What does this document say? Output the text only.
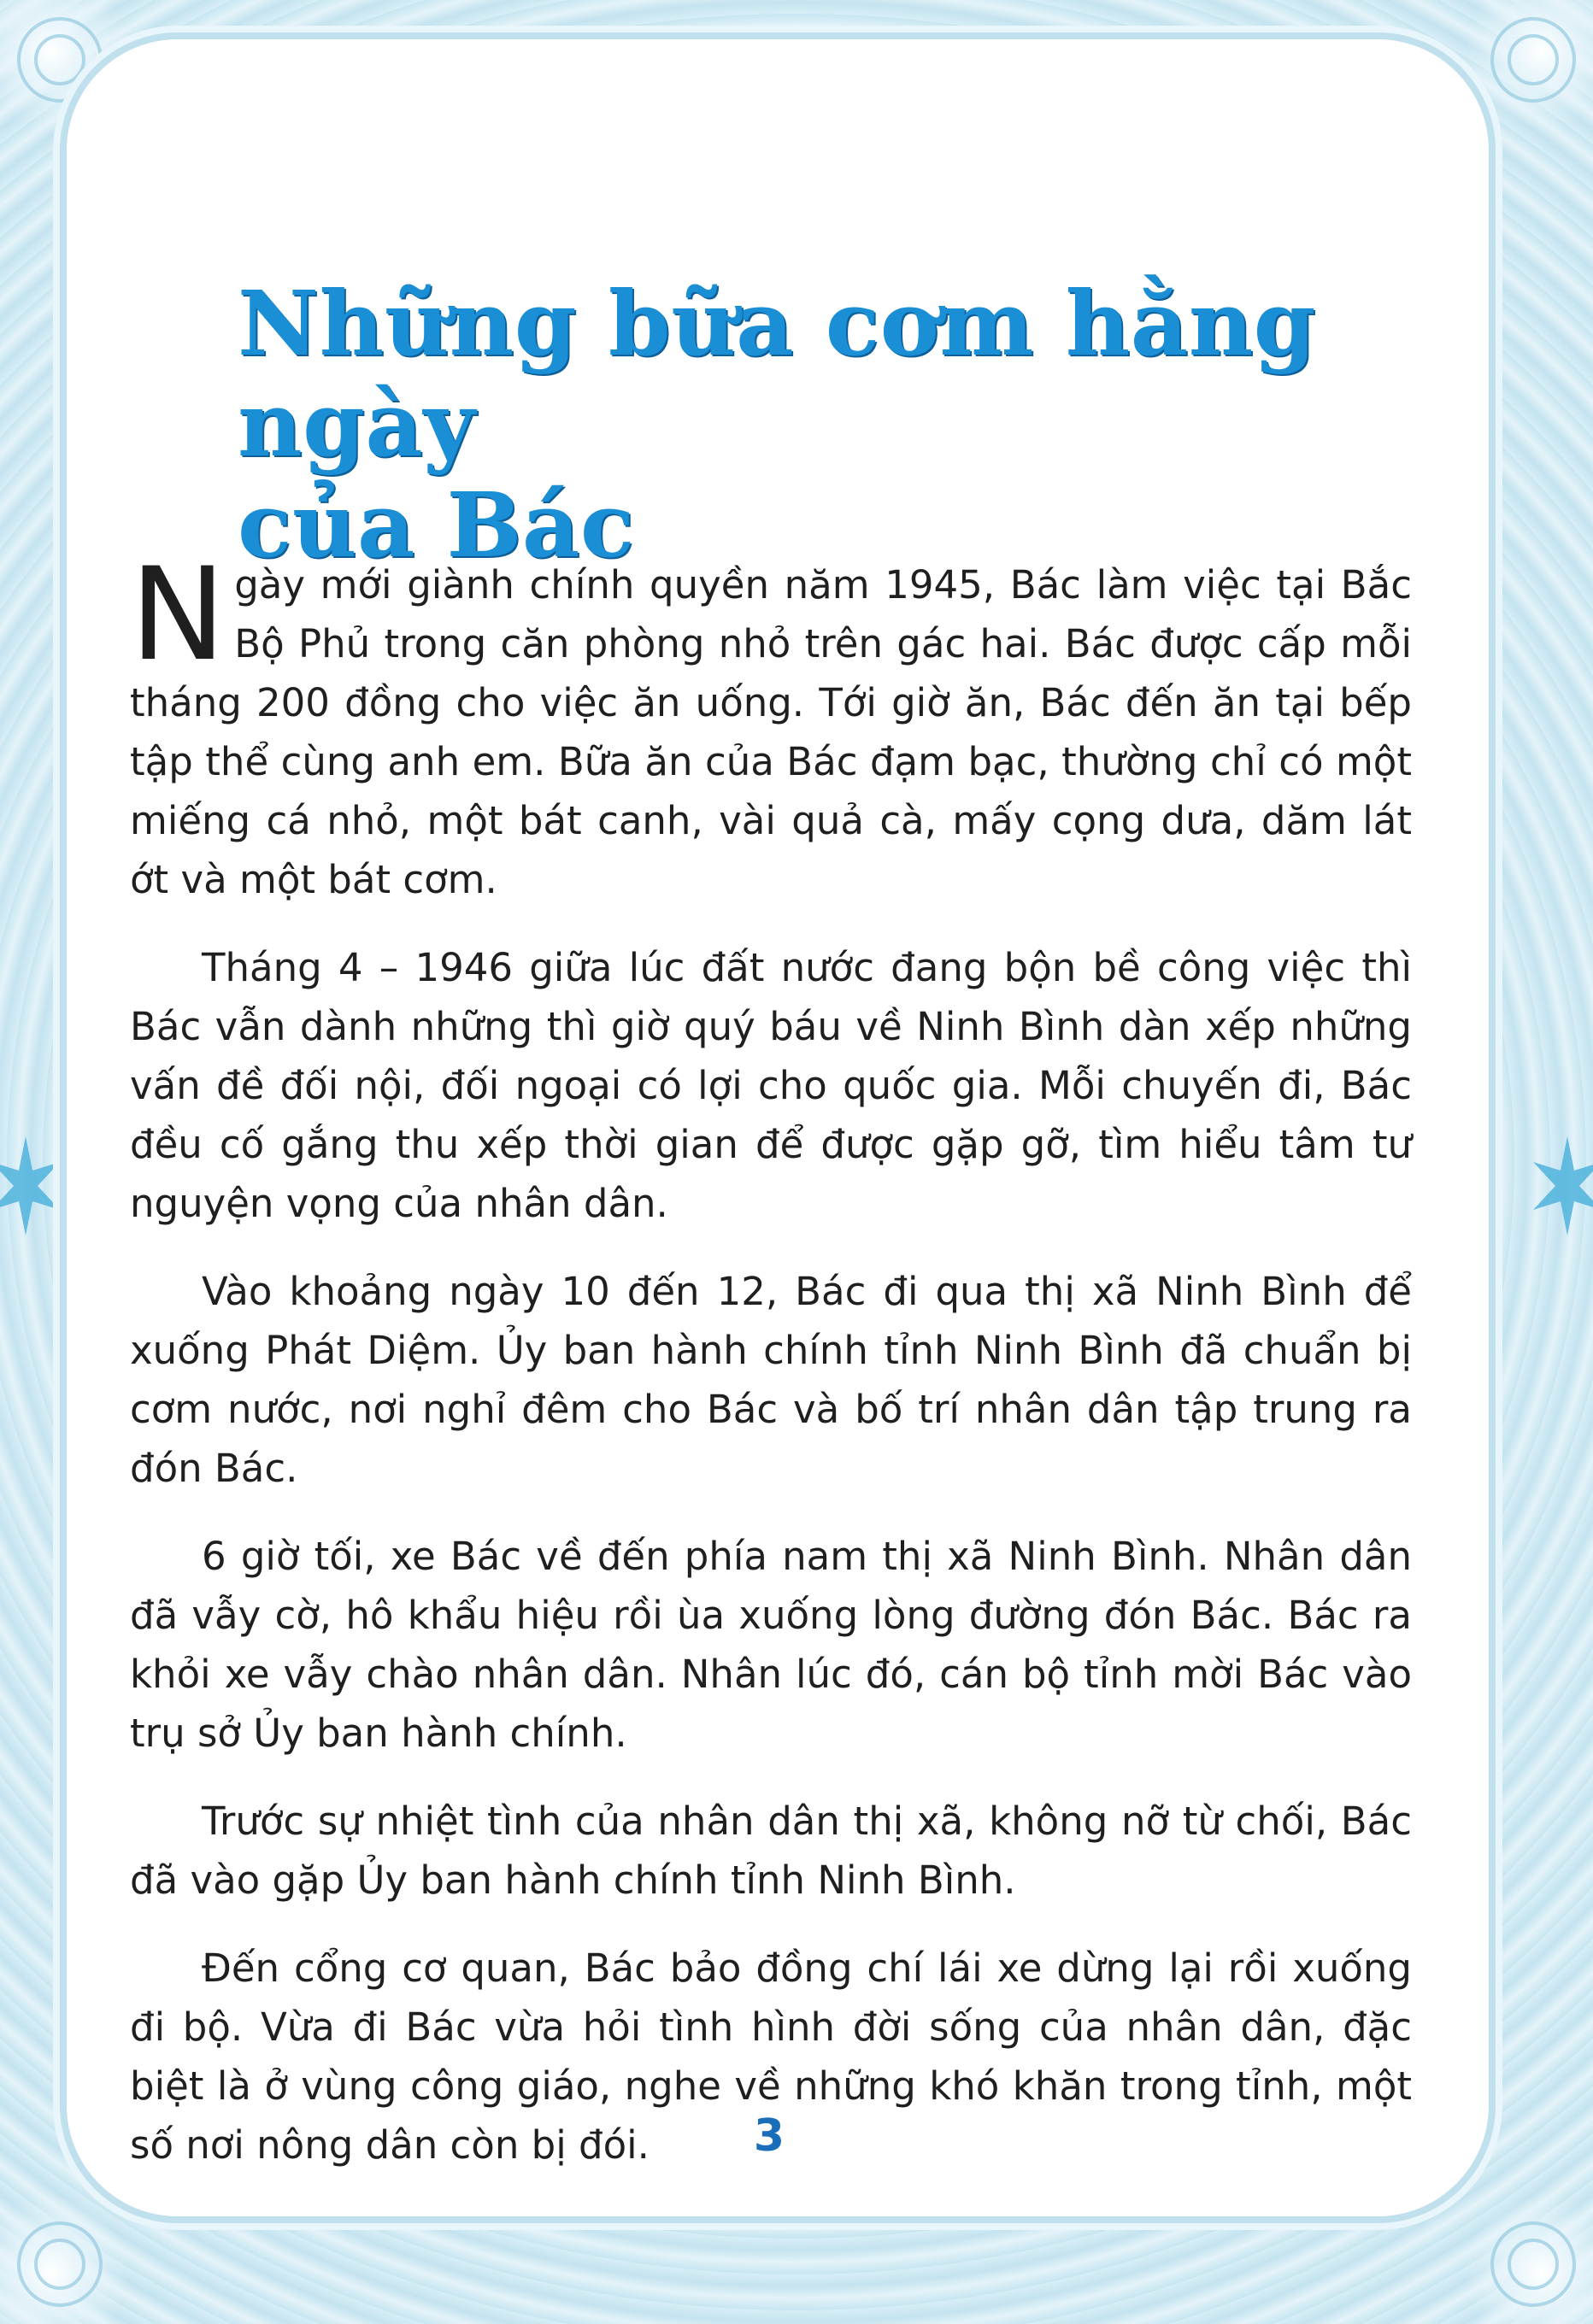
Những bữa cơm hằng ngày
của Bác

Ngày mới giành chính quyền năm 1945, Bác làm việc tại Bắc Bộ Phủ trong căn phòng nhỏ trên gác hai. Bác được cấp mỗi tháng 200 đồng cho việc ăn uống. Tới giờ ăn, Bác đến ăn tại bếp tập thể cùng anh em. Bữa ăn của Bác đạm bạc, thường chỉ có một miếng cá nhỏ, một bát canh, vài quả cà, mấy cọng dưa, dăm lát ớt và một bát cơm.

Tháng 4 – 1946 giữa lúc đất nước đang bộn bề công việc thì Bác vẫn dành những thì giờ quý báu về Ninh Bình dàn xếp những vấn đề đối nội, đối ngoại có lợi cho quốc gia. Mỗi chuyến đi, Bác đều cố gắng thu xếp thời gian để được gặp gỡ, tìm hiểu tâm tư nguyện vọng của nhân dân.

Vào khoảng ngày 10 đến 12, Bác đi qua thị xã Ninh Bình để xuống Phát Diệm. Ủy ban hành chính tỉnh Ninh Bình đã chuẩn bị cơm nước, nơi nghỉ đêm cho Bác và bố trí nhân dân tập trung ra đón Bác.

6 giờ tối, xe Bác về đến phía nam thị xã Ninh Bình. Nhân dân đã vẫy cờ, hô khẩu hiệu rồi ùa xuống lòng đường đón Bác. Bác ra khỏi xe vẫy chào nhân dân. Nhân lúc đó, cán bộ tỉnh mời Bác vào trụ sở Ủy ban hành chính.

Trước sự nhiệt tình của nhân dân thị xã, không nỡ từ chối, Bác đã vào gặp Ủy ban hành chính tỉnh Ninh Bình.

Đến cổng cơ quan, Bác bảo đồng chí lái xe dừng lại rồi xuống đi bộ. Vừa đi Bác vừa hỏi tình hình đời sống của nhân dân, đặc biệt là ở vùng công giáo, nghe về những khó khăn trong tỉnh, một số nơi nông dân còn bị đói.	3
